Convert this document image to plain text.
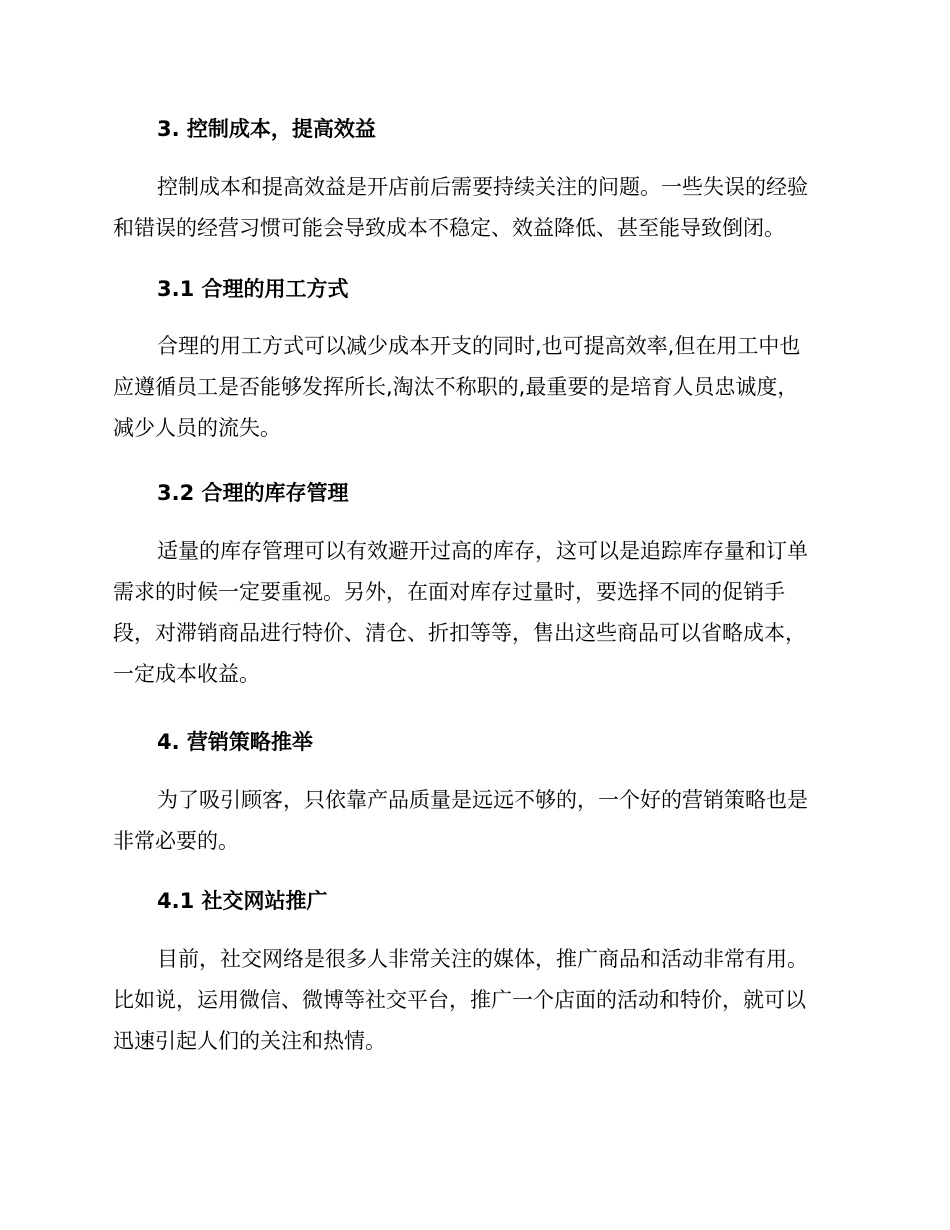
3. 控制成本，提高效益
控制成本和提高效益是开店前后需要持续关注的问题。一些失误的经验
和错误的经营习惯可能会导致成本不稳定、效益降低、甚至能导致倒闭。
3.1 合理的用工方式
合理的用工方式可以减少成本开支的同时,也可提高效率,但在用工中也
应遵循员工是否能够发挥所长,淘汰不称职的,最重要的是培育人员忠诚度，
减少人员的流失。
3.2 合理的库存管理
适量的库存管理可以有效避开过高的库存，这可以是追踪库存量和订单
需求的时候一定要重视。另外，在面对库存过量时，要选择不同的促销手
段，对滞销商品进行特价、清仓、折扣等等，售出这些商品可以省略成本，
一定成本收益。
4. 营销策略推举
为了吸引顾客，只依靠产品质量是远远不够的，一个好的营销策略也是
非常必要的。
4.1 社交网站推广
目前，社交网络是很多人非常关注的媒体，推广商品和活动非常有用。
比如说，运用微信、微博等社交平台，推广一个店面的活动和特价，就可以
迅速引起人们的关注和热情。
